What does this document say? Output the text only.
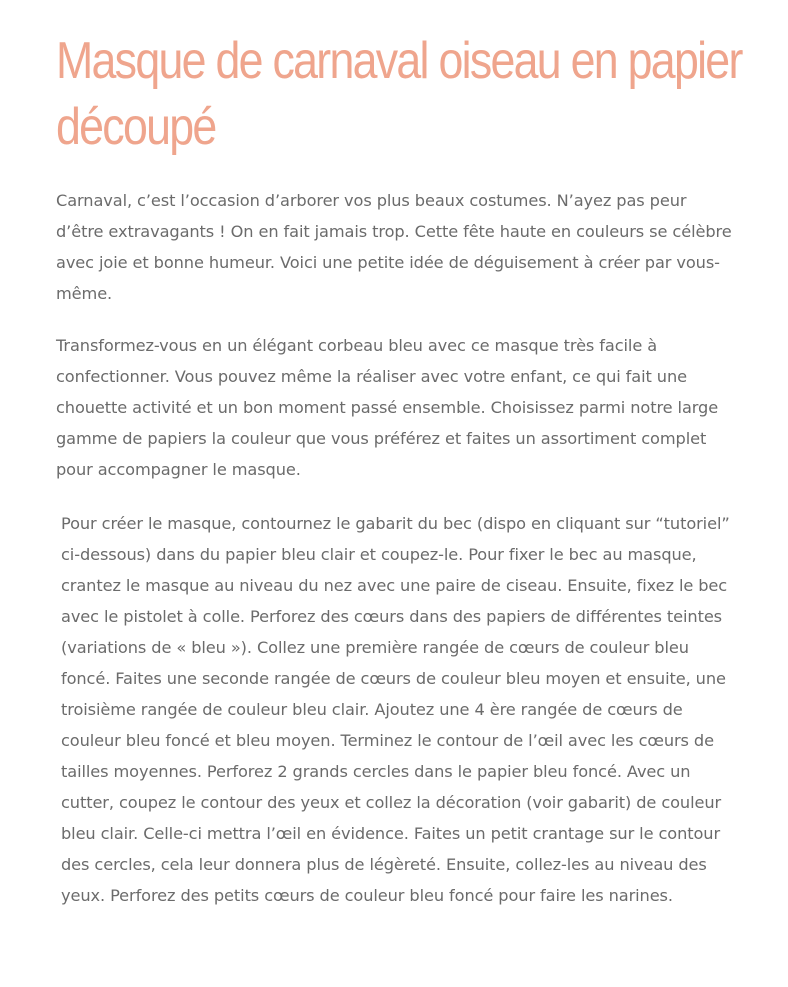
Masque de carnaval oiseau en papier découpé

Carnaval, c’est l’occasion d’arborer vos plus beaux costumes. N’ayez pas peur d’être extravagants ! On en fait jamais trop. Cette fête haute en couleurs se célèbre avec joie et bonne humeur. Voici une petite idée de déguisement à créer par vous-même.

Transformez-vous en un élégant corbeau bleu avec ce masque très facile à confectionner. Vous pouvez même la réaliser avec votre enfant, ce qui fait une chouette activité et un bon moment passé ensemble. Choisissez parmi notre large gamme de papiers la couleur que vous préférez et faites un assortiment complet pour accompagner le masque.

Pour créer le masque, contournez le gabarit du bec (dispo en cliquant sur “tutoriel” ci-dessous) dans du papier bleu clair et coupez-le. Pour fixer le bec au masque, crantez le masque au niveau du nez avec une paire de ciseau. Ensuite, fixez le bec avec le pistolet à colle. Perforez des cœurs dans des papiers de différentes teintes (variations de « bleu »). Collez une première rangée de cœurs de couleur bleu foncé. Faites une seconde rangée de cœurs de couleur bleu moyen et ensuite, une troisième rangée de couleur bleu clair. Ajoutez une 4 ère rangée de cœurs de couleur bleu foncé et bleu moyen. Terminez le contour de l’œil avec les cœurs de tailles moyennes. Perforez 2 grands cercles dans le papier bleu foncé. Avec un cutter, coupez le contour des yeux et collez la décoration (voir gabarit) de couleur bleu clair. Celle-ci mettra l’œil en évidence. Faites un petit crantage sur le contour des cercles, cela leur donnera plus de légèreté. Ensuite, collez-les au niveau des yeux. Perforez des petits cœurs de couleur bleu foncé pour faire les narines.
